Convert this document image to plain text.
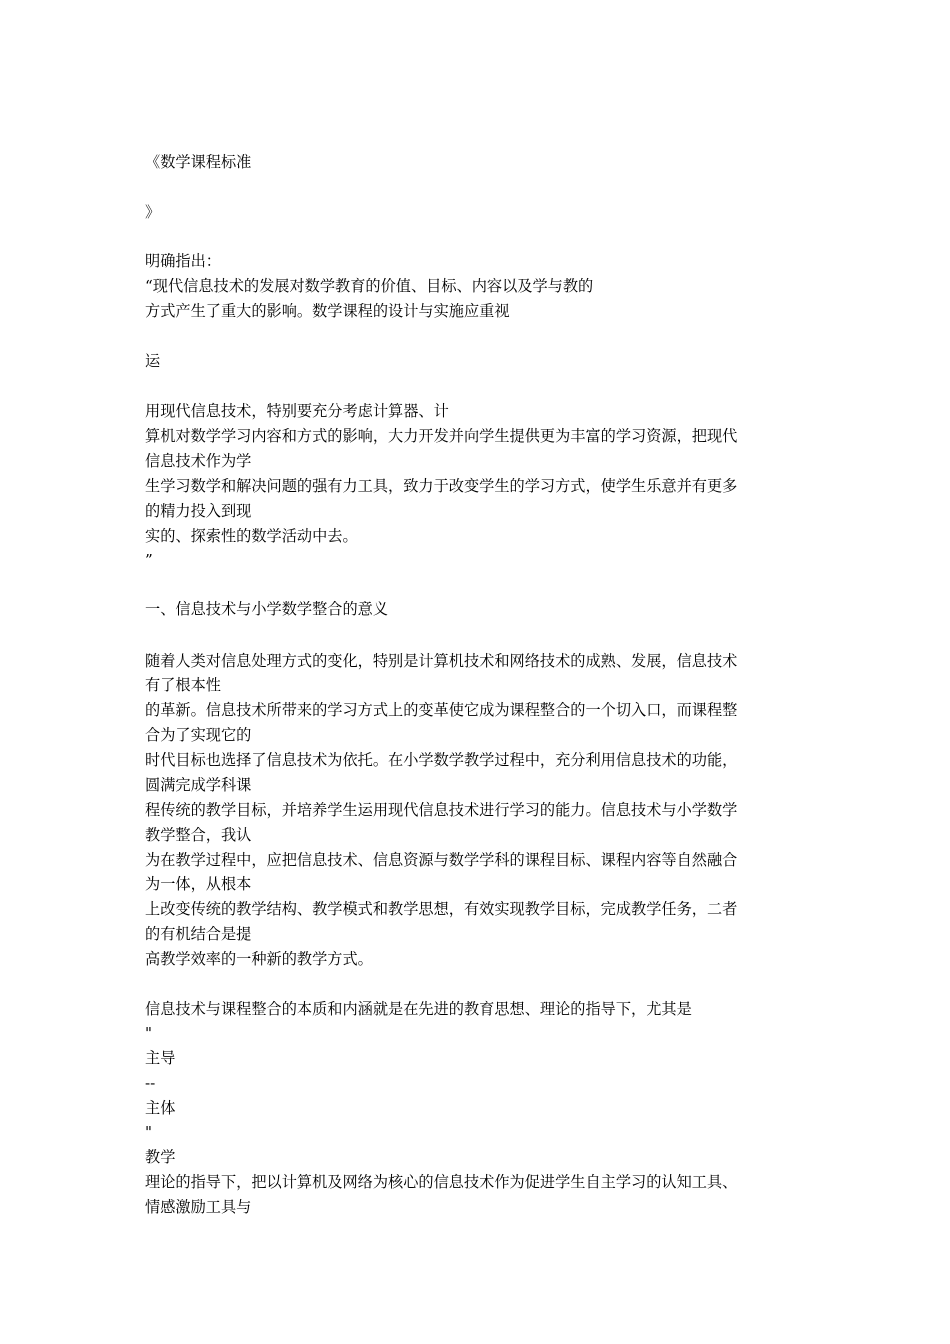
《数学课程标准

》

明确指出：

“现代信息技术的发展对数学教育的价值、目标、内容以及学与教的

方式产生了重大的影响。数学课程的设计与实施应重视

运

用现代信息技术，特别要充分考虑计算器、计

算机对数学学习内容和方式的影响，大力开发并向学生提供更为丰富的学习资源，把现代

信息技术作为学

生学习数学和解决问题的强有力工具，致力于改变学生的学习方式，使学生乐意并有更多

的精力投入到现

实的、探索性的数学活动中去。

”

一、信息技术与小学数学整合的意义

随着人类对信息处理方式的变化，特别是计算机技术和网络技术的成熟、发展，信息技术

有了根本性

的革新。信息技术所带来的学习方式上的变革使它成为课程整合的一个切入口，而课程整

合为了实现它的

时代目标也选择了信息技术为依托。在小学数学教学过程中，充分利用信息技术的功能，

圆满完成学科课

程传统的教学目标，并培养学生运用现代信息技术进行学习的能力。信息技术与小学数学

教学整合，我认

为在教学过程中，应把信息技术、信息资源与数学学科的课程目标、课程内容等自然融合

为一体，从根本

上改变传统的教学结构、教学模式和教学思想，有效实现教学目标，完成教学任务，二者

的有机结合是提

高教学效率的一种新的教学方式。

信息技术与课程整合的本质和内涵就是在先进的教育思想、理论的指导下，尤其是

"

主导

--

主体

"

教学

理论的指导下，把以计算机及网络为核心的信息技术作为促进学生自主学习的认知工具、

情感激励工具与
